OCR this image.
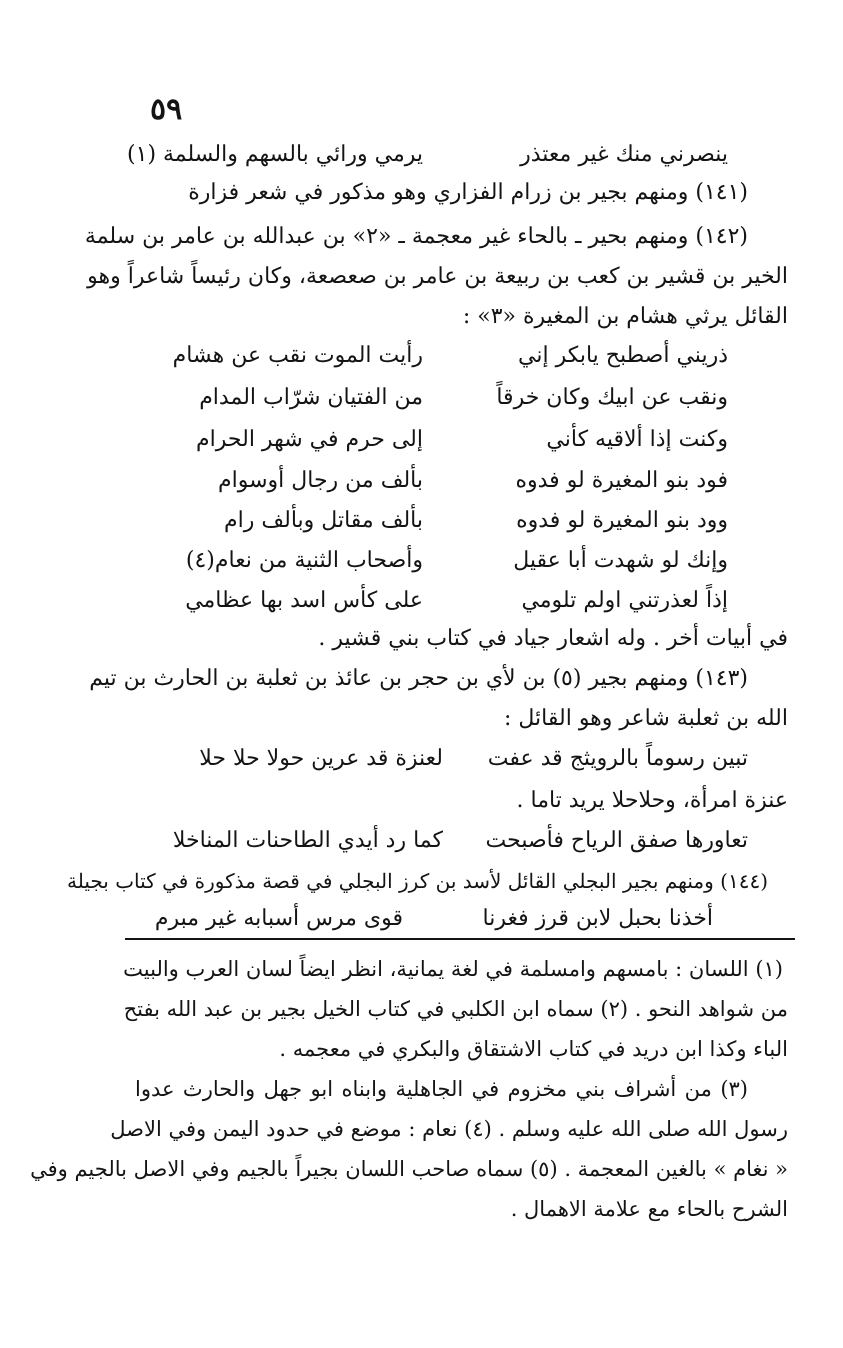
٥٩
ينصرني منك غير معتذر
يرمي ورائي بالسهم والسلمة (١)
(١٤١) ومنهم بجير بن زرام الفزاري وهو مذكور في شعر فزارة
(١٤٢) ومنهم بحير ـ بالحاء غير معجمة ـ «٢» بن عبدالله بن عامر بن سلمة
الخير بن قشير بن كعب بن ربيعة بن عامر بن صعصعة، وكان رئيساً شاعراً وهو
القائل يرثي هشام بن المغيرة «٣» :
ذريني أصطبح يابكر إني
رأيت الموت نقب عن هشام
ونقب عن ابيك وكان خرقاً
من الفتيان شرّاب المدام
وكنت إذا ألاقيه كأني
إلى حرم في شهر الحرام
فود بنو المغيرة لو فدوه
بألف من رجال أوسوام
وود بنو المغيرة لو فدوه
بألف مقاتل وبألف رام
وإنك لو شهدت أبا عقيل
وأصحاب الثنية من نعام(٤)
إذاً لعذرتني اولم تلومي
على كأس اسد بها عظامي
في أبيات أخر . وله اشعار جياد في كتاب بني قشير .
(١٤٣) ومنهم بجير (٥) بن لأي بن حجر بن عائذ بن ثعلبة بن الحارث بن تيم
الله بن ثعلبة شاعر وهو القائل :
تبين رسوماً بالرويثج قد عفت
لعنزة قد عرين حولا حلا حلا
عنزة امرأة، وحلاحلا يريد تاما .
تعاورها صفق الرياح فأصبحت
كما رد أيدي الطاحنات المناخلا
(١٤٤) ومنهم بجير البجلي القائل لأسد بن كرز البجلي في قصة مذكورة في كتاب بجيلة
أخذنا بحبل لابن قرز فغرنا
قوى مرس أسبابه غير مبرم
(١) اللسان : بامسهم وامسلمة في لغة يمانية، انظر ايضاً لسان العرب والبيت
من شواهد النحو . (٢) سماه ابن الكلبي في كتاب الخيل بجير بن عبد الله بفتح
الباء وكذا ابن دريد في كتاب الاشتقاق والبكري في معجمه .
(٣) من أشراف بني مخزوم في الجاهلية وابناه ابو جهل والحارث عدوا
رسول الله صلى الله عليه وسلم . (٤) نعام : موضع في حدود اليمن وفي الاصل
« نغام » بالغين المعجمة . (٥) سماه صاحب اللسان بجيراً بالجيم وفي الاصل بالجيم وفي
الشرح بالحاء مع علامة الاهمال .
